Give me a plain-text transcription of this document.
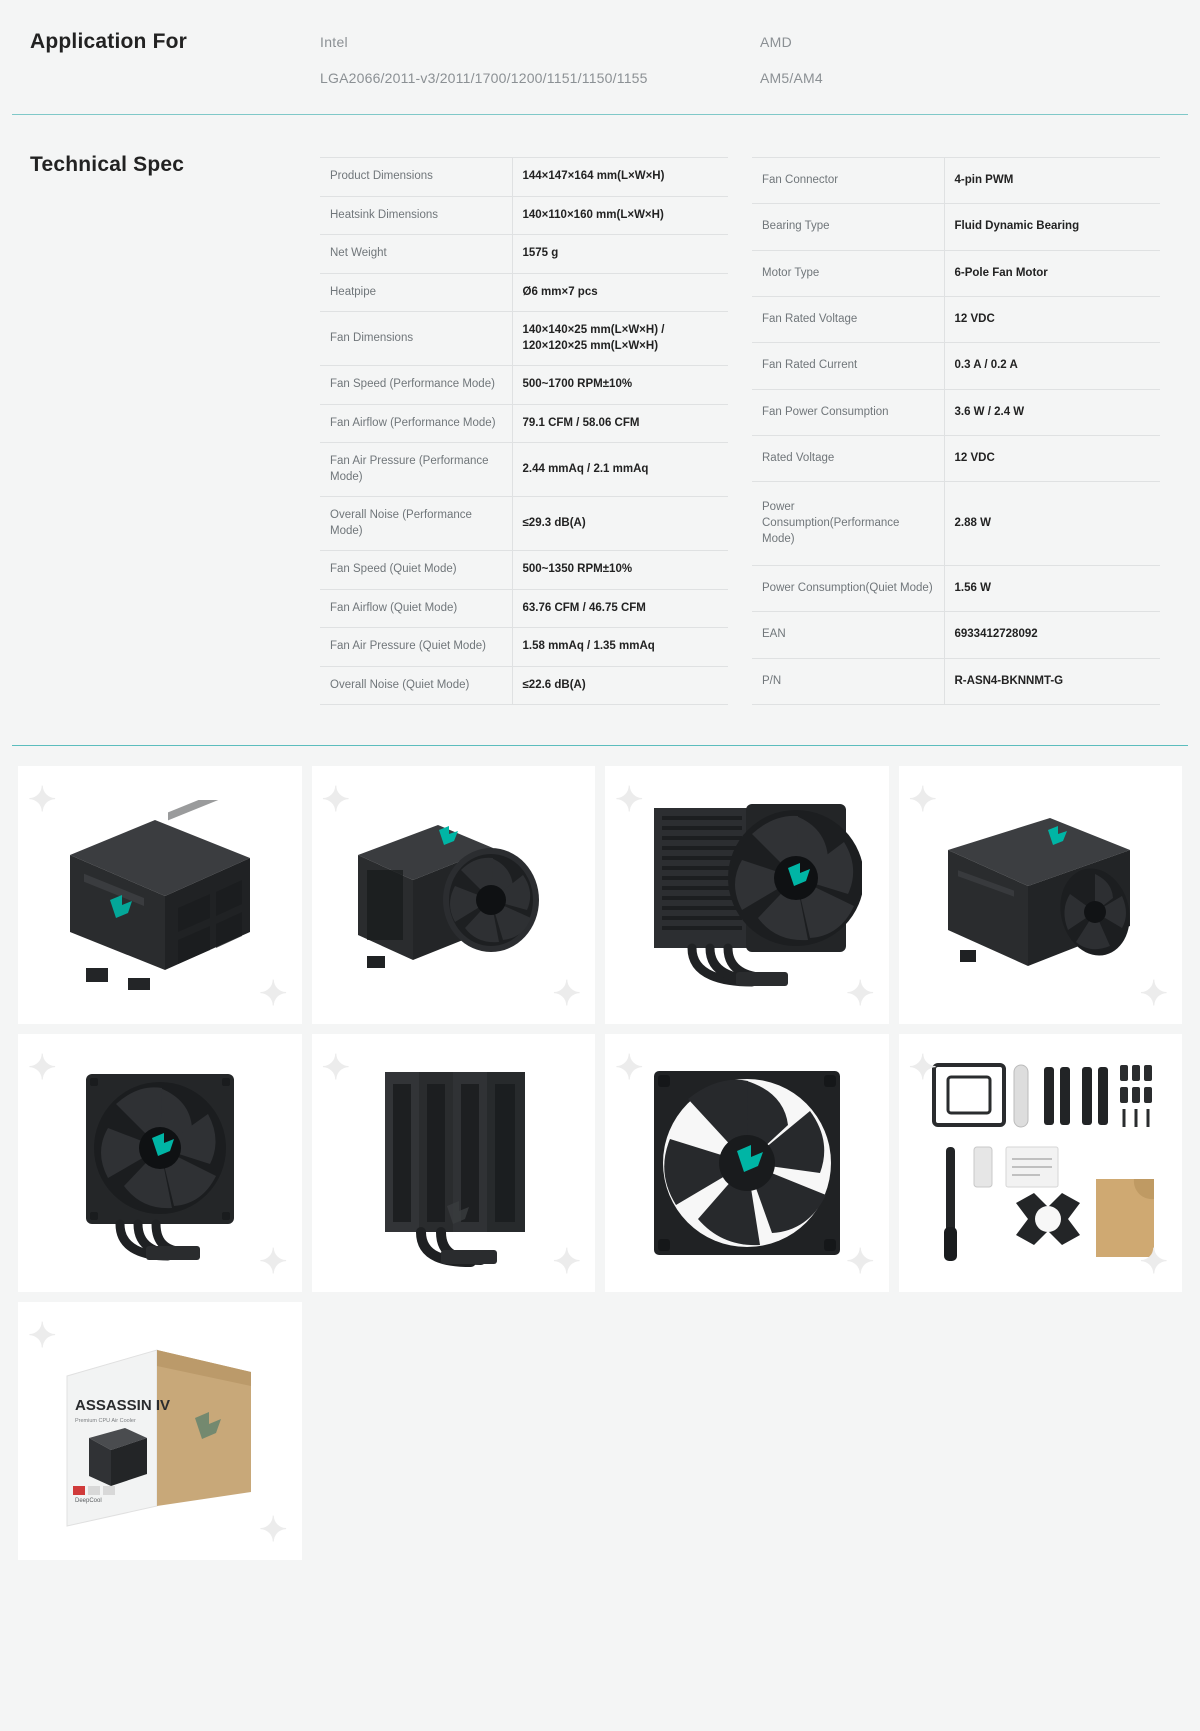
Application For	Intel
LGA2066/2011-v3/2011/1700/1200/1151/1150/1155
AMD
AM5/AM4
Technical Spec	Product Dimensions	144×147×164 mm(L×W×H)
Heatsink Dimensions	140×110×160 mm(L×W×H)
Net Weight	1575 g
Heatpipe	Ø6 mm×7 pcs
Fan Dimensions	140×140×25 mm(L×W×H) / 120×120×25 mm(L×W×H)
Fan Speed (Performance Mode)	500~1700 RPM±10%
Fan Airflow (Performance Mode)	79.1 CFM / 58.06 CFM
Fan Air Pressure (Performance Mode)	2.44 mmAq / 2.1 mmAq
Overall Noise (Performance Mode)	≤29.3 dB(A)
Fan Speed (Quiet Mode)	500~1350 RPM±10%
Fan Airflow (Quiet Mode)	63.76 CFM / 46.75 CFM
Fan Air Pressure (Quiet Mode)	1.58 mmAq / 1.35 mmAq
Overall Noise (Quiet Mode)	≤22.6 dB(A)
Fan Connector	4-pin PWM
Bearing Type	Fluid Dynamic Bearing
Motor Type	6-Pole Fan Motor
Fan Rated Voltage	12 VDC
Fan Rated Current	0.3 A / 0.2 A
Fan Power Consumption	3.6 W / 2.4 W
Rated Voltage	12 VDC
Power Consumption(Performance Mode)	2.88 W
Power Consumption(Quiet Mode)	1.56 W
EAN	6933412728092
P/N	R-ASN4-BKNNMT-G
✦
✦
✦
✦
✦
✦
✦
✦
✦
✦
✦
✦
✦
✦
✦
✦
✦
✦
ASSASSIN IV
Premium CPU Air Cooler
DeepCool
